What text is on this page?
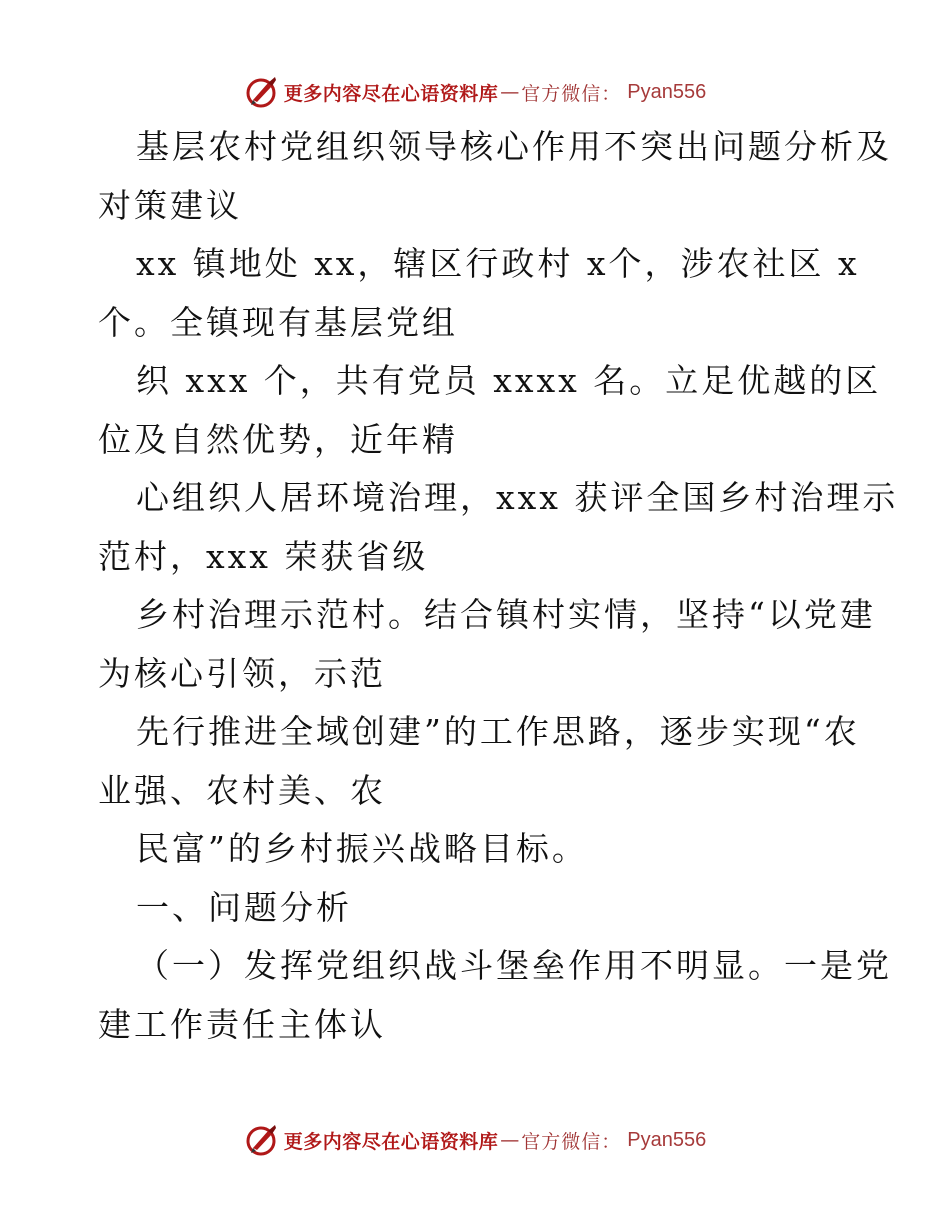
更多内容尽在心语资料库 — 官方微信： Pyan556
基层农村党组织领导核心作用不突出问题分析及
对策建议
xx 镇地处 xx，辖区行政村 x个，涉农社区 x
个。全镇现有基层党组
织 xxx 个，共有党员 xxxx 名。立足优越的区
位及自然优势，近年精
心组织人居环境治理，xxx 获评全国乡村治理示
范村，xxx 荣获省级
乡村治理示范村。结合镇村实情，坚持“以党建
为核心引领，示范
先行推进全域创建”的工作思路，逐步实现“农
业强、农村美、农
民富”的乡村振兴战略目标。
一、问题分析
（一）发挥党组织战斗堡垒作用不明显。一是党
建工作责任主体认
更多内容尽在心语资料库 — 官方微信： Pyan556
